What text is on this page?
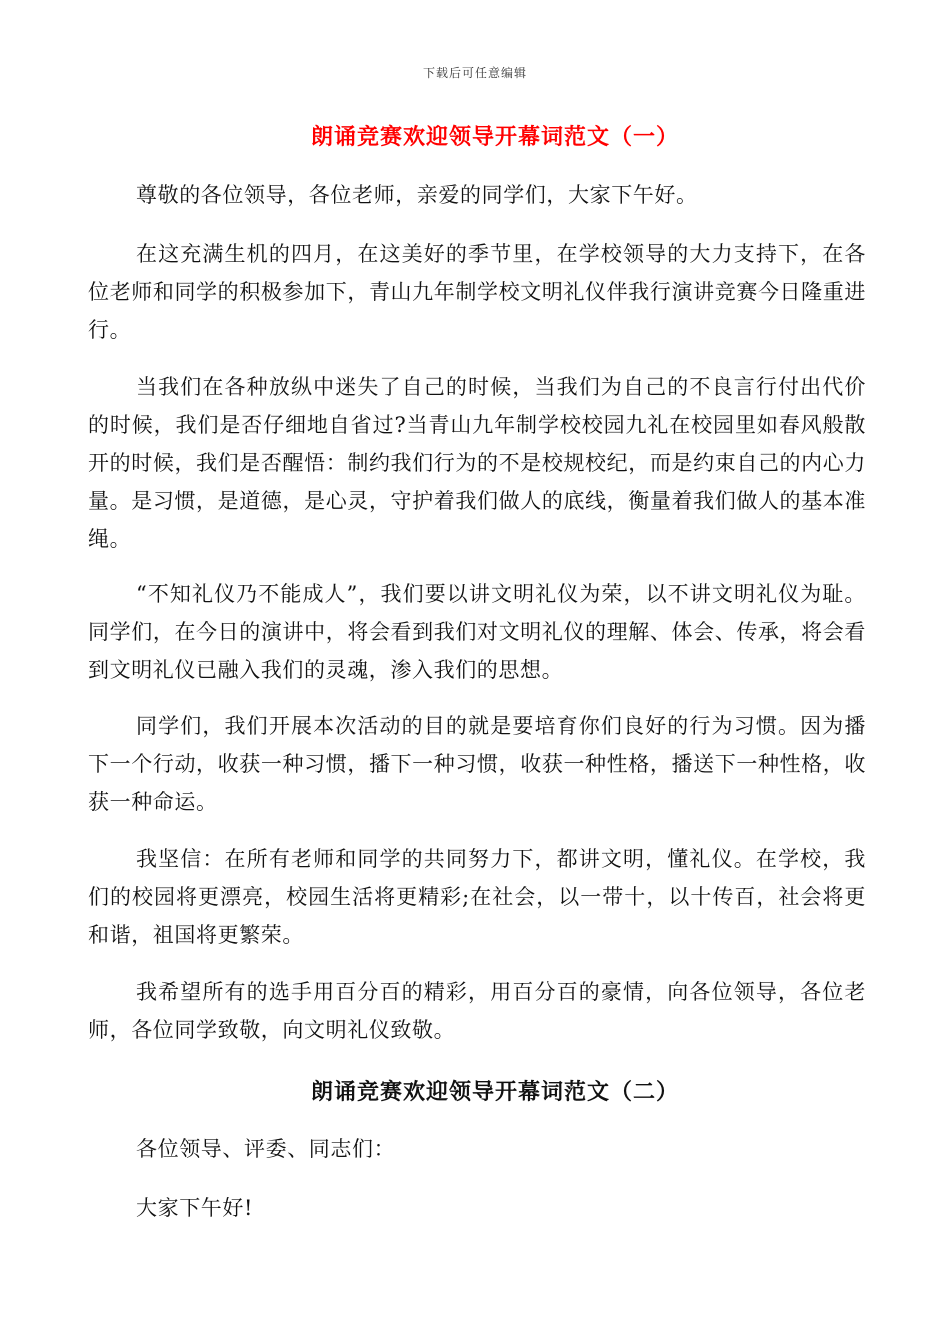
下载后可任意编辑
朗诵竞赛欢迎领导开幕词范文（一）

尊敬的各位领导，各位老师，亲爱的同学们，大家下午好。

在这充满生机的四月，在这美好的季节里，在学校领导的大力支持下，在各位老师和同学的积极参加下，青山九年制学校文明礼仪伴我行演讲竞赛今日隆重进行。

当我们在各种放纵中迷失了自己的时候，当我们为自己的不良言行付出代价的时候，我们是否仔细地自省过?当青山九年制学校校园九礼在校园里如春风般散开的时候，我们是否醒悟：制约我们行为的不是校规校纪，而是约束自己的内心力量。是习惯，是道德，是心灵，守护着我们做人的底线，衡量着我们做人的基本准绳。

“不知礼仪乃不能成人”，我们要以讲文明礼仪为荣，以不讲文明礼仪为耻。同学们，在今日的演讲中，将会看到我们对文明礼仪的理解、体会、传承，将会看到文明礼仪已融入我们的灵魂，渗入我们的思想。

同学们，我们开展本次活动的目的就是要培育你们良好的行为习惯。因为播下一个行动，收获一种习惯，播下一种习惯，收获一种性格，播送下一种性格，收获一种命运。

我坚信：在所有老师和同学的共同努力下，都讲文明，懂礼仪。在学校，我们的校园将更漂亮，校园生活将更精彩;在社会，以一带十，以十传百，社会将更和谐，祖国将更繁荣。

我希望所有的选手用百分百的精彩，用百分百的豪情，向各位领导，各位老师，各位同学致敬，向文明礼仪致敬。

朗诵竞赛欢迎领导开幕词范文（二）

各位领导、评委、同志们：

大家下午好!
